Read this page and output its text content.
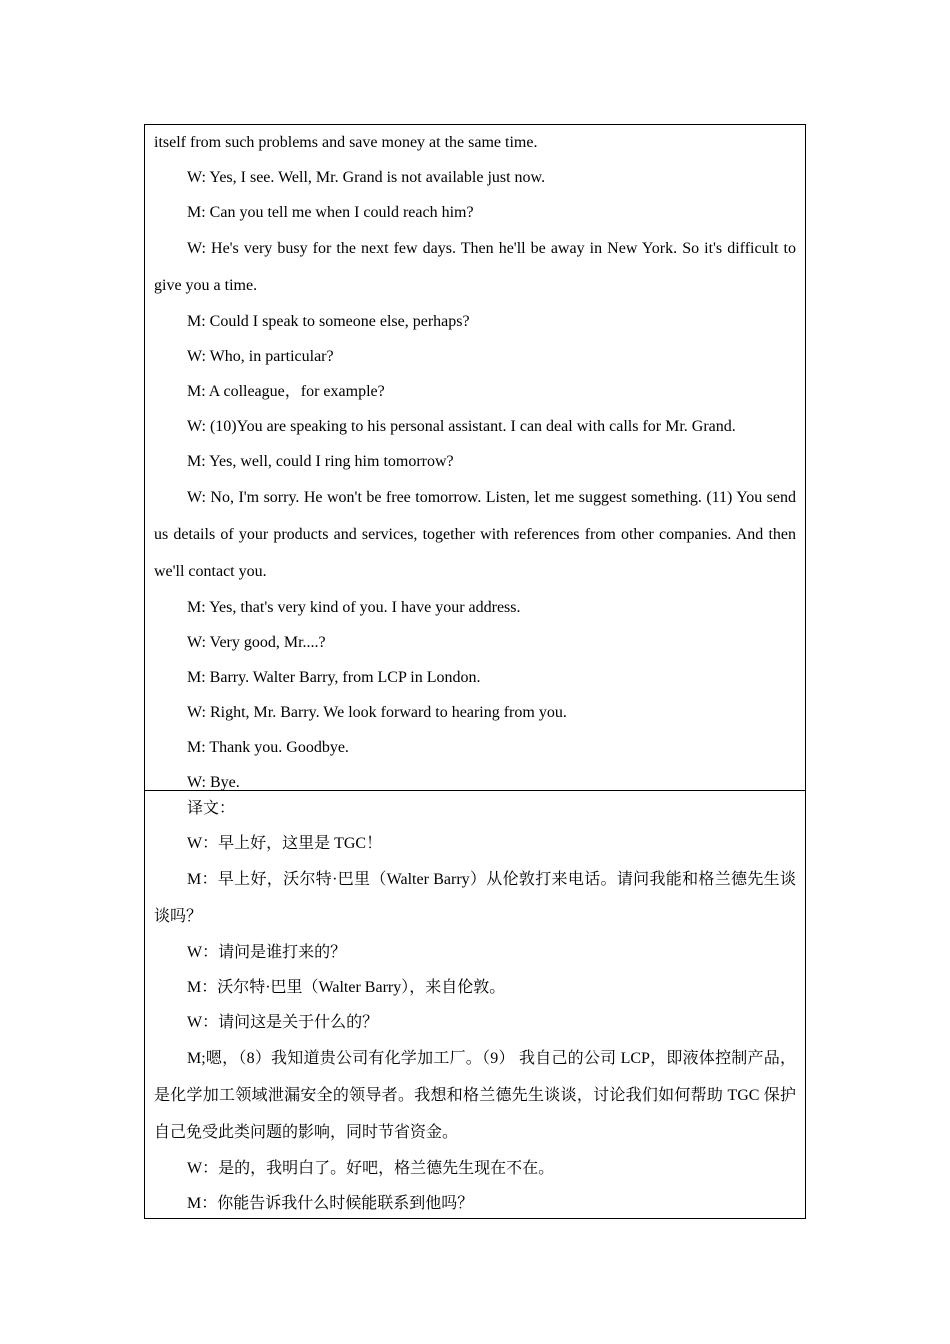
itself from such problems and save money at the same time.

W: Yes, I see. Well, Mr. Grand is not available just now.

M: Can you tell me when I could reach him?

W: He's very busy for the next few days. Then he'll be away in New York. So it's difficult to give you a time.

M: Could I speak to someone else, perhaps?

W: Who, in particular?

M: A colleague，for example?

W: (10)You are speaking to his personal assistant. I can deal with calls for Mr. Grand.

M: Yes, well, could I ring him tomorrow?

W: No, I'm sorry. He won't be free tomorrow. Listen, let me suggest something. (11) You send us details of your products and services, together with references from other companies. And then we'll contact you.

M: Yes, that's very kind of you. I have your address.

W: Very good, Mr....?

M: Barry. Walter Barry, from LCP in London.

W: Right, Mr. Barry. We look forward to hearing from you.

M: Thank you. Goodbye.

W: Bye.

译文：

W：早上好，这里是 TGC！

M：早上好，沃尔特·巴里（Walter Barry）从伦敦打来电话。请问我能和格兰德先生谈谈吗？

W：请问是谁打来的？

M：沃尔特·巴里（Walter Barry），来自伦敦。

W：请问这是关于什么的？

M;嗯，（8）我知道贵公司有化学加工厂。（9） 我自己的公司 LCP，即液体控制产品，是化学加工领域泄漏安全的领导者。我想和格兰德先生谈谈，讨论我们如何帮助 TGC 保护自己免受此类问题的影响，同时节省资金。

W：是的，我明白了。好吧，格兰德先生现在不在。

M：你能告诉我什么时候能联系到他吗？
